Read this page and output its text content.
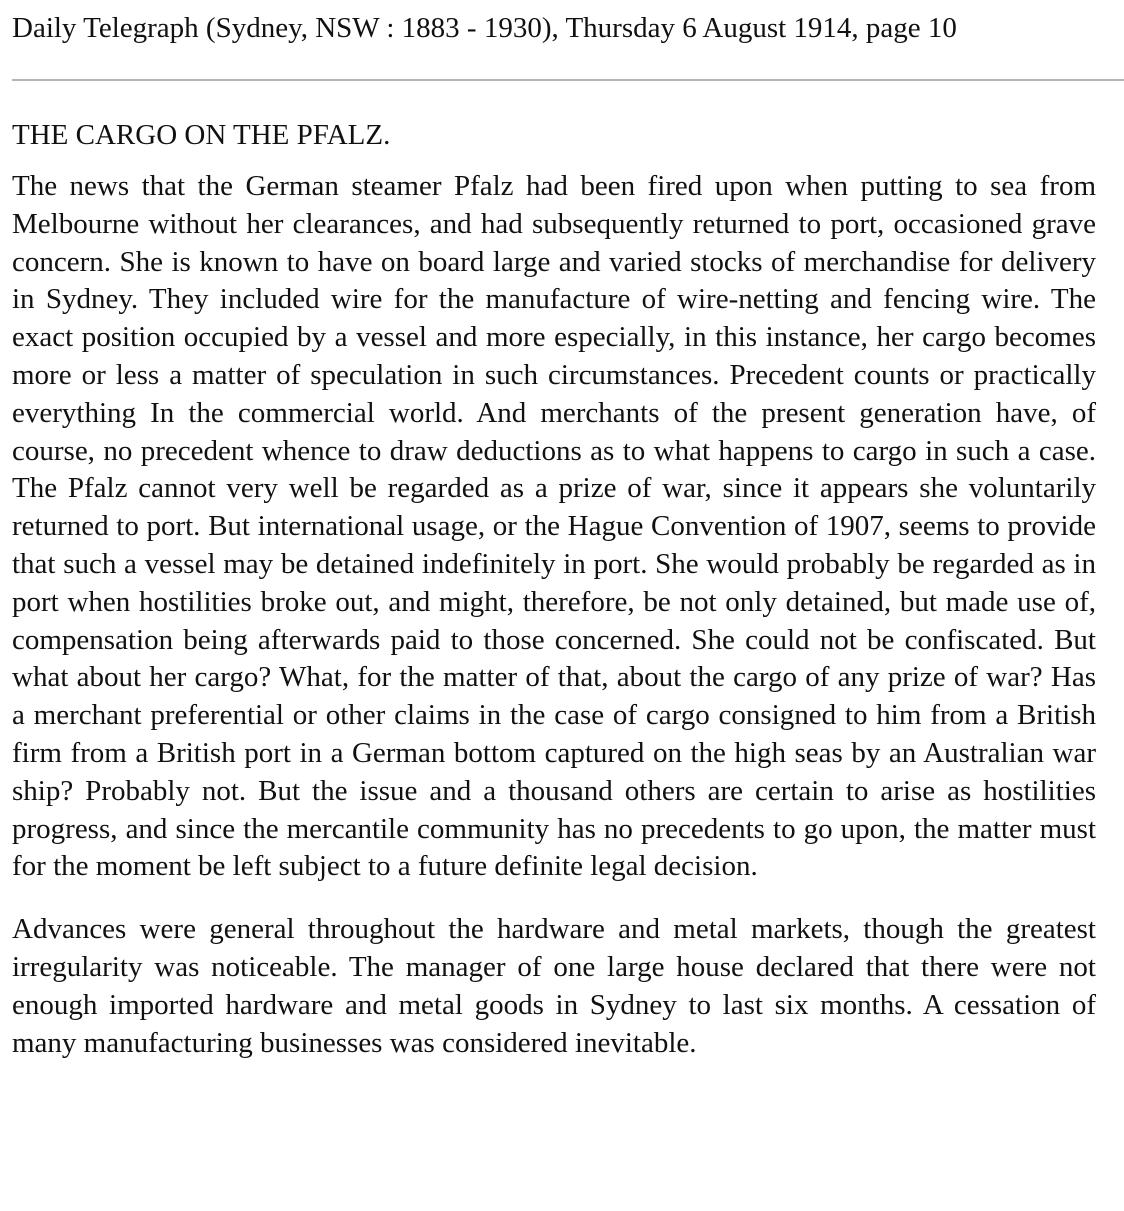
Daily Telegraph (Sydney, NSW : 1883 - 1930), Thursday 6 August 1914, page 10
THE CARGO ON THE PFALZ.

The news that the German steamer Pfalz had been fired upon when putting to sea from Melbourne without her clearances, and had subsequently returned to port, occasioned grave concern. She is known to have on board large and varied stocks of merchandise for delivery in Sydney. They included wire for the manufacture of wire-netting and fencing wire. The exact position occupied by a vessel and more especially, in this instance, her cargo becomes more or less a matter of speculation in such circumstances. Precedent counts or practically everything In the commercial world. And merchants of the present generation have, of course, no precedent whence to draw deductions as to what happens to cargo in such a case. The Pfalz cannot very well be regarded as a prize of war, since it appears she voluntarily returned to port. But international usage, or the Hague Convention of 1907, seems to provide that such a vessel may be detained indefinitely in port. She would probably be regarded as in port when hostilities broke out, and might, therefore, be not only detained, but made use of, compensation being afterwards paid to those concerned. She could not be confiscated. But what about her cargo? What, for the matter of that, about the cargo of any prize of war? Has a merchant preferential or other claims in the case of cargo consigned to him from a British firm from a British port in a German bottom captured on the high seas by an Australian war ship? Probably not. But the issue and a thousand others are certain to arise as hostilities progress, and since the mercantile community has no precedents to go upon, the matter must for the moment be left subject to a future definite legal decision.

Advances were general throughout the hardware and metal markets, though the greatest irregularity was noticeable. The manager of one large house declared that there were not enough imported hardware and metal goods in Sydney to last six months. A cessation of many manufacturing businesses was considered inevitable.
